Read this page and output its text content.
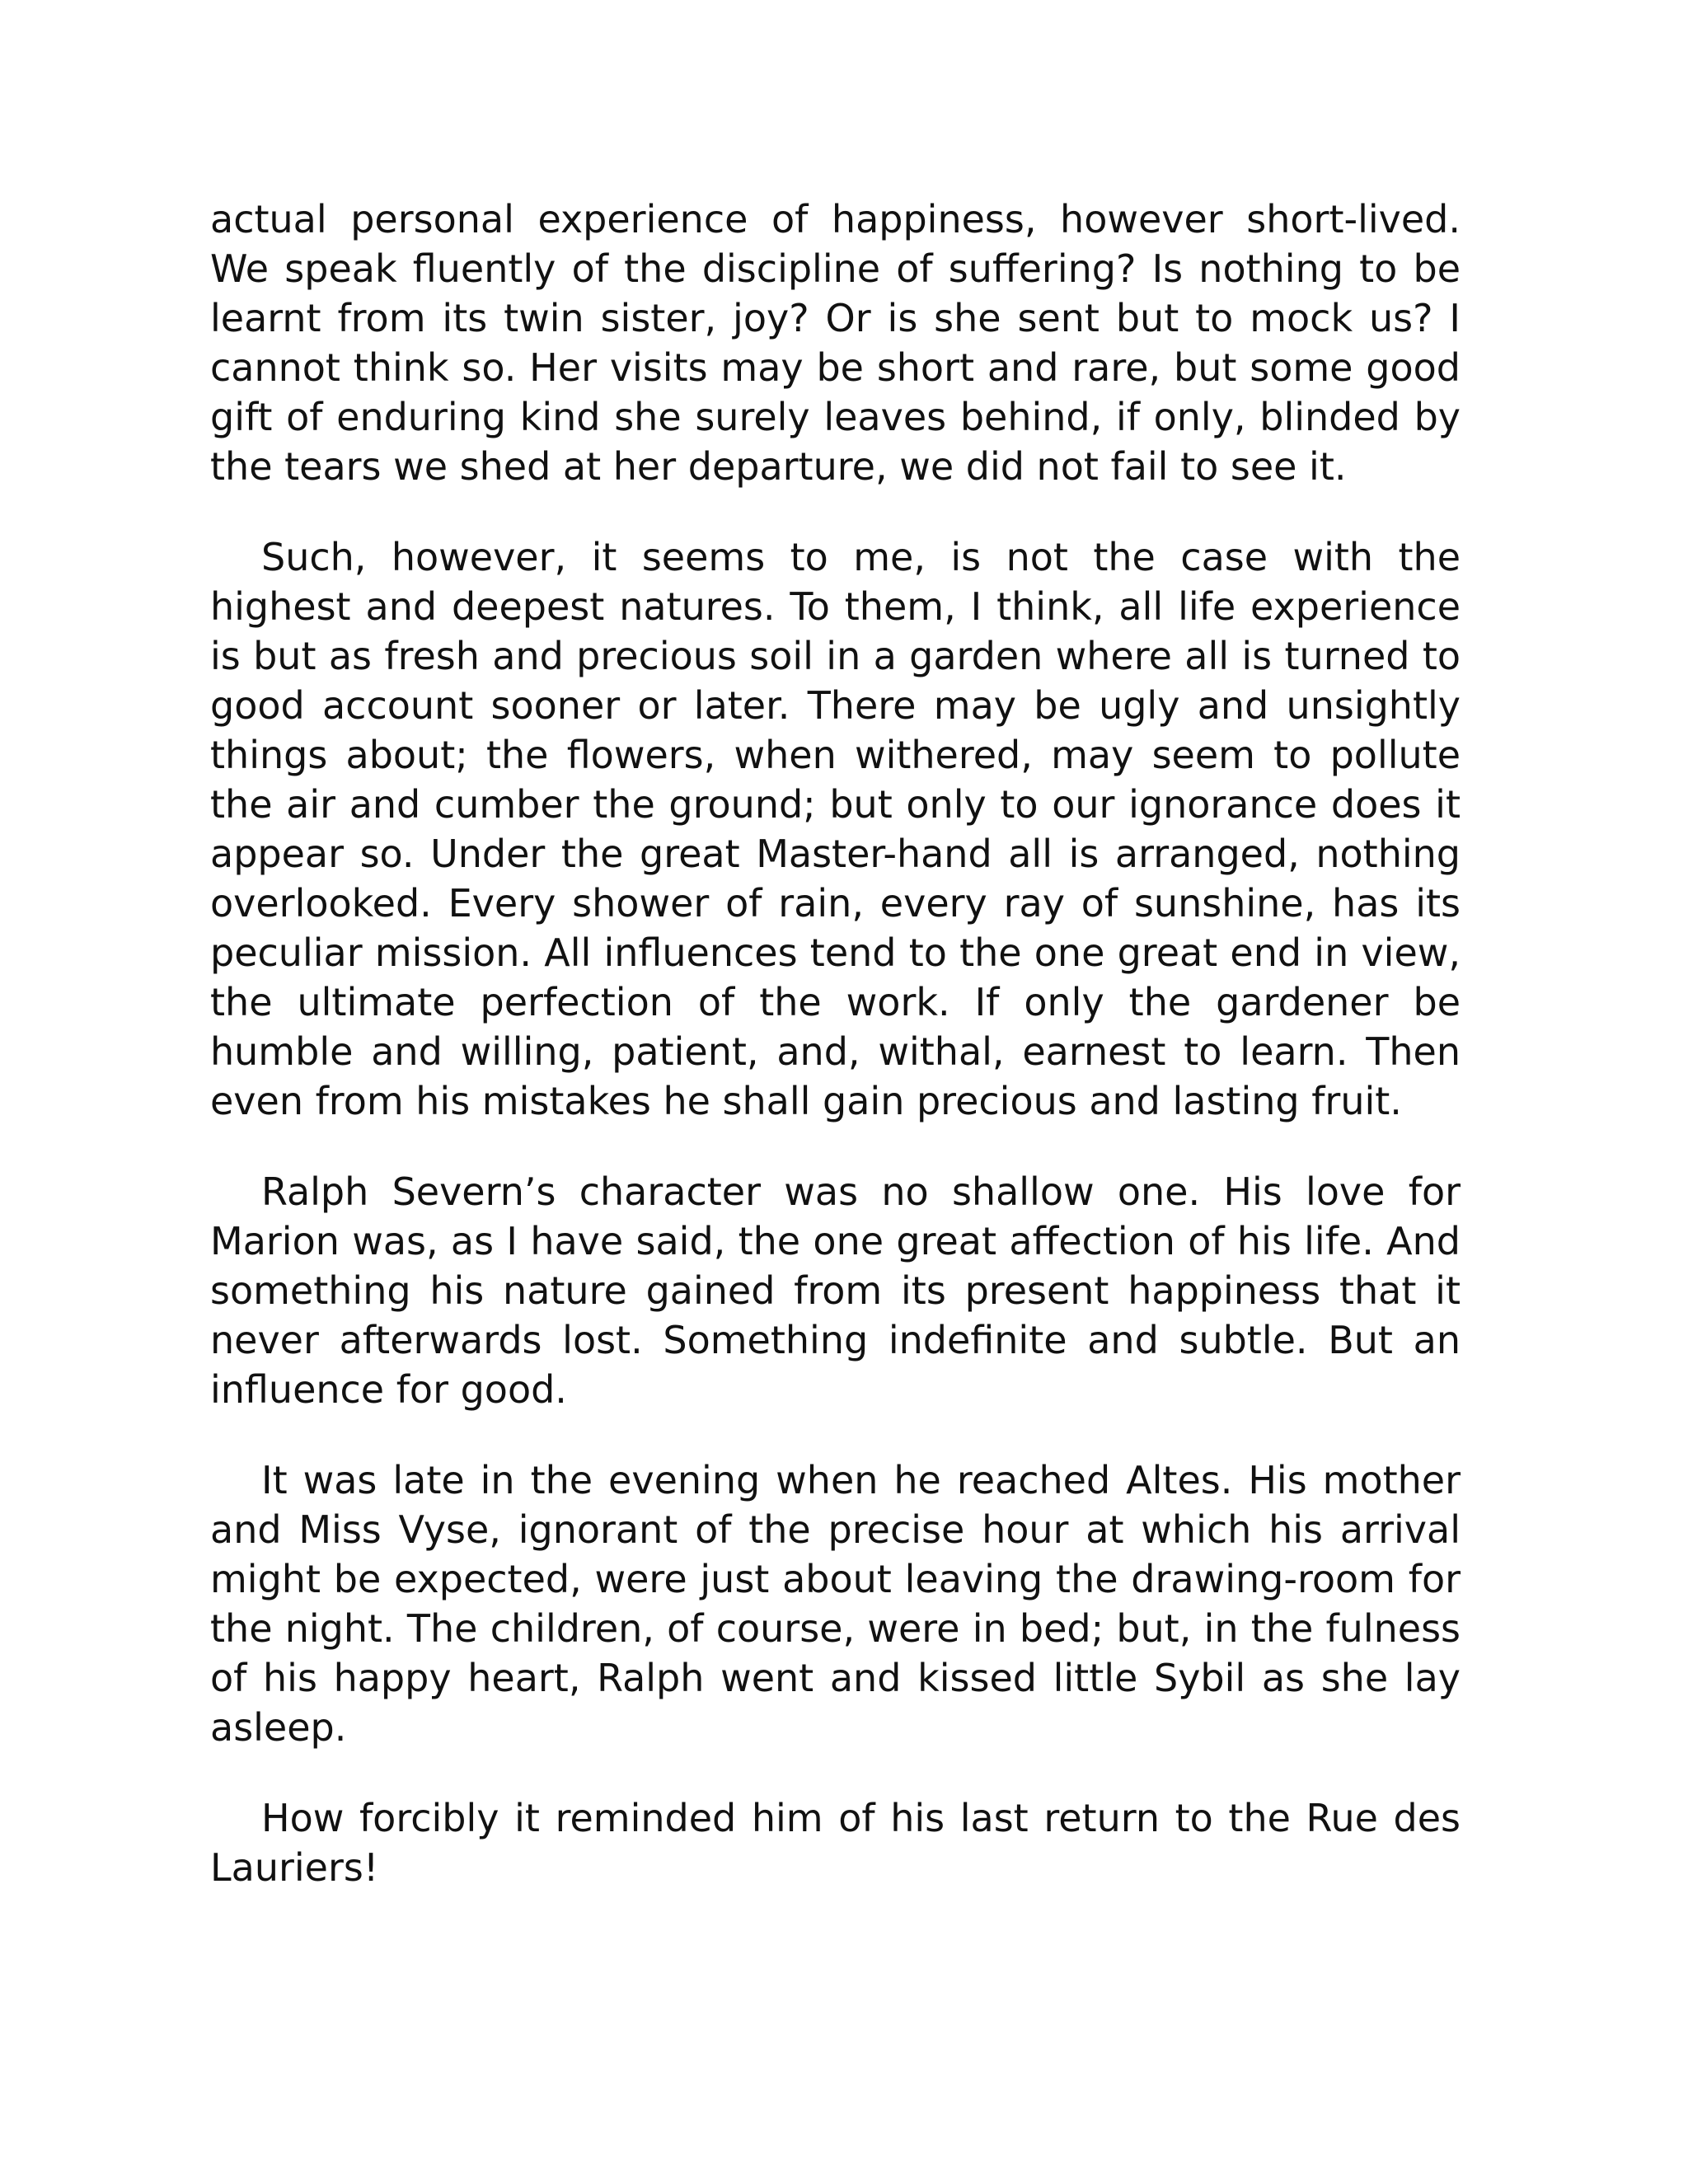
actual personal experience of happiness, however short-lived. We speak fluently of the discipline of suffering? Is nothing to be learnt from its twin sister, joy? Or is she sent but to mock us? I cannot think so. Her visits may be short and rare, but some good gift of enduring kind she surely leaves behind, if only, blinded by the tears we shed at her departure, we did not fail to see it.

Such, however, it seems to me, is not the case with the highest and deepest natures. To them, I think, all life experience is but as fresh and precious soil in a garden where all is turned to good account sooner or later. There may be ugly and unsightly things about; the flowers, when withered, may seem to pollute the air and cumber the ground; but only to our ignorance does it appear so. Under the great Master-hand all is arranged, nothing overlooked. Every shower of rain, every ray of sunshine, has its peculiar mission. All influences tend to the one great end in view, the ultimate perfection of the work. If only the gardener be humble and willing, patient, and, withal, earnest to learn. Then even from his mistakes he shall gain precious and lasting fruit.

Ralph Severn’s character was no shallow one. His love for Marion was, as I have said, the one great affection of his life. And something his nature gained from its present happiness that it never afterwards lost. Something indefinite and subtle. But an influence for good.

It was late in the evening when he reached Altes. His mother and Miss Vyse, ignorant of the precise hour at which his arrival might be expected, were just about leaving the drawing-room for the night. The children, of course, were in bed; but, in the fulness of his happy heart, Ralph went and kissed little Sybil as she lay asleep.

How forcibly it reminded him of his last return to the Rue des Lauriers!
